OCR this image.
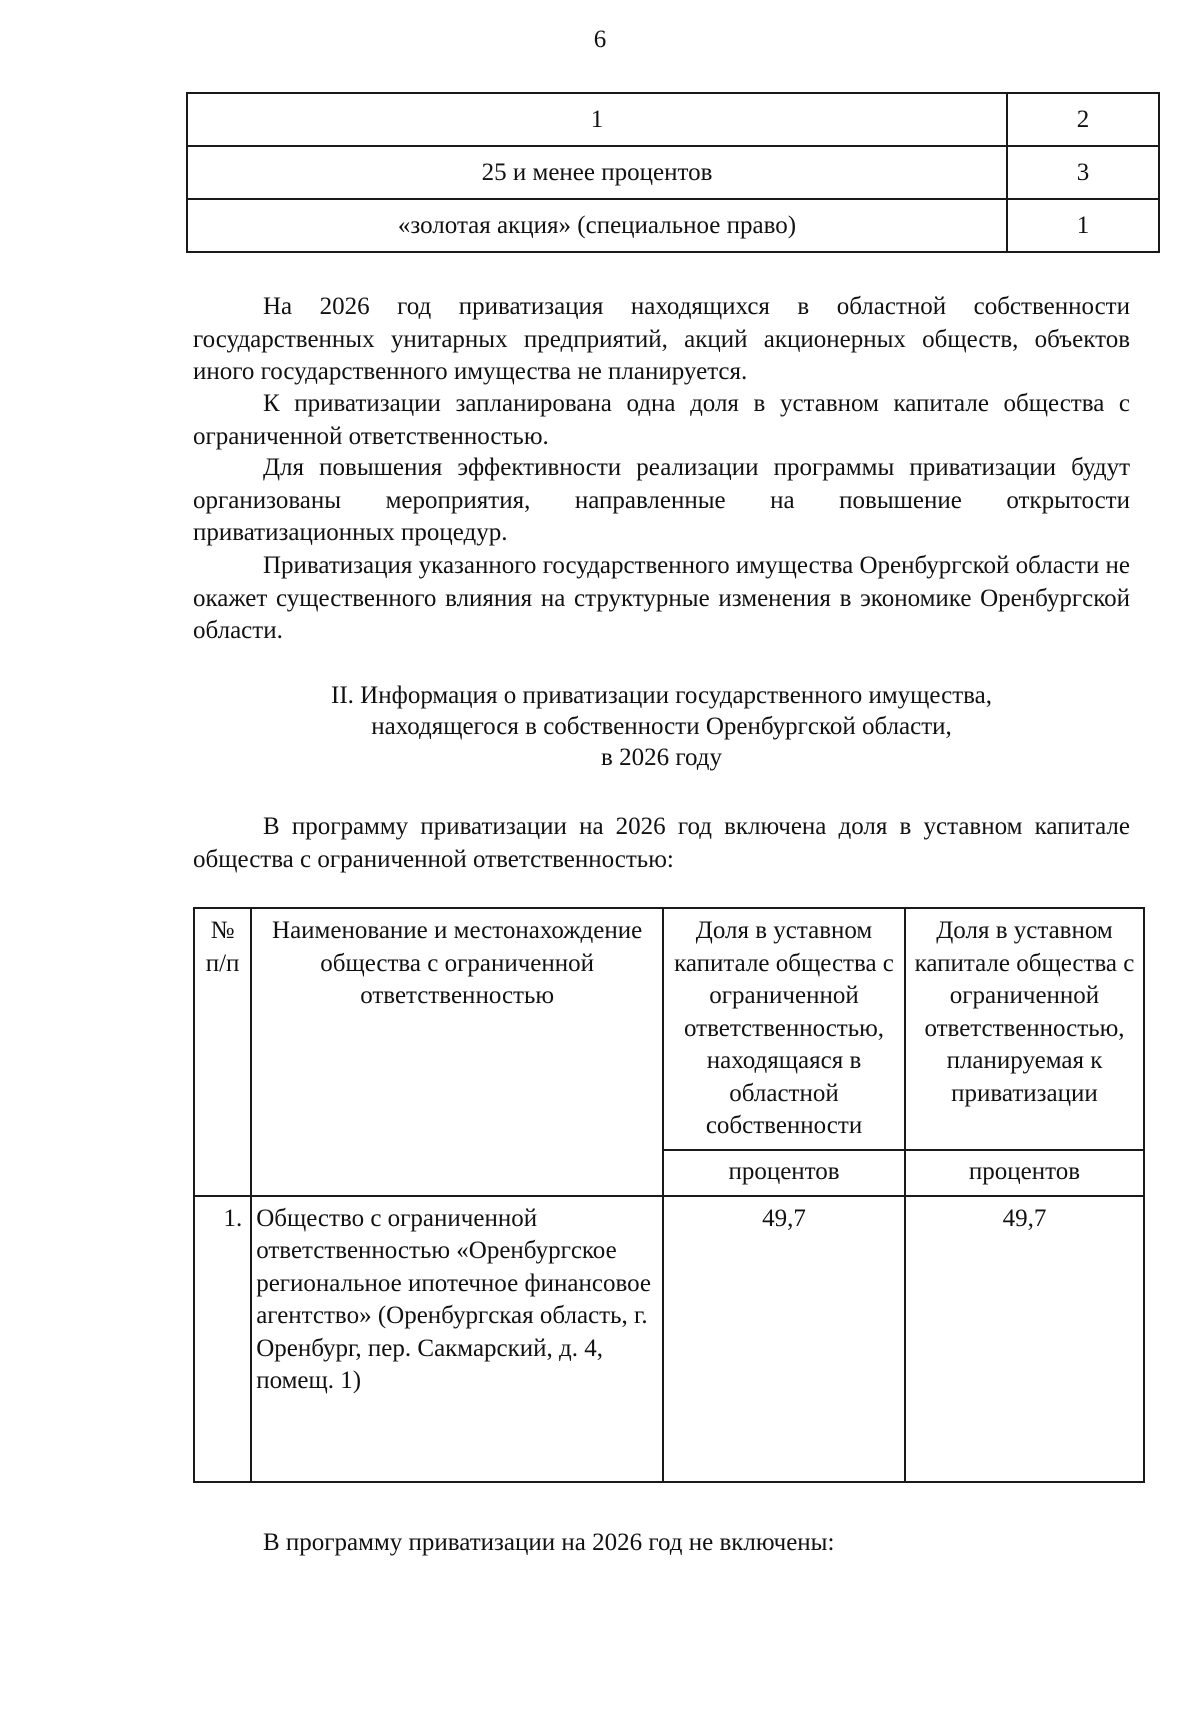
6
1	2
25 и менее процентов	3
«золотая акция» (специальное право)	1

На 2026 год приватизация находящихся в областной собственности государственных унитарных предприятий, акций акционерных обществ, объектов иного государственного имущества не планируется.

К приватизации запланирована одна доля в уставном капитале общества с ограниченной ответственностью.

Для повышения эффективности реализации программы приватизации будут организованы мероприятия, направленные на повышение открытости приватизационных процедур.

Приватизация указанного государственного имущества Оренбургской области не окажет существенного влияния на структурные изменения в экономике Оренбургской области.

II. Информация о приватизации государственного имущества,
находящегося в собственности Оренбургской области,
в 2026 году

В программу приватизации на 2026 год включена доля в уставном капитале общества с ограниченной ответственностью:

№ п/п	Наименование и местонахождение общества с ограниченной ответственностью	Доля в уставном капитале общества с ограниченной ответственностью, находящаяся в областной собственности	Доля в уставном капитале общества с ограниченной ответственностью, планируемая к приватизации
		процентов	процентов
1.	Общество с ограниченной ответственностью «Оренбургское региональное ипотечное финансовое агентство» (Оренбургская область, г. Оренбург, пер. Сакмарский, д. 4, помещ. 1)	49,7	49,7

В программу приватизации на 2026 год не включены:
